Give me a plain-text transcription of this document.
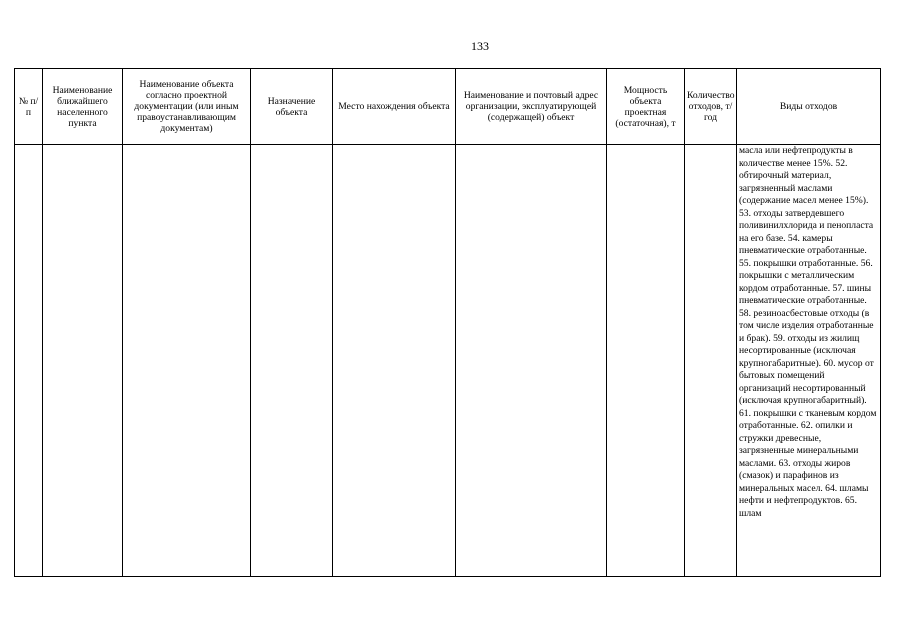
133
№ п/п	Наименование ближайшего населенного пункта	Наименование объекта согласно проектной документации (или иным правоустанавливающим документам)	Назначение объекта	Место нахождения объекта	Наименование и почтовый адрес организации, эксплуатирующей (содержащей) объект	Мощность объекта проектная (остаточная), т	Количество отходов, т/год	Виды отходов

								масла или нефтепродукты в количестве менее 15%. 52. обтирочный материал, загрязненный маслами (содержание масел менее 15%). 53. отходы затвердевшего поливинилхлорида и пенопласта на его базе. 54. камеры пневматические отработанные. 55. покрышки отработанные. 56. покрышки с металлическим кордом отработанные. 57. шины пневматические отработанные. 58. резиноасбестовые отходы (в том числе изделия отработанные и брак). 59. отходы из жилищ несортированные (исключая крупногабаритные). 60. мусор от бытовых помещений организаций несортированный (исключая крупногабаритный). 61. покрышки с тканевым кордом отработанные. 62. опилки и стружки древесные, загрязненные минеральными маслами. 63. отходы жиров (смазок) и парафинов из минеральных масел. 64. шламы нефти и нефтепродуктов. 65. шлам
